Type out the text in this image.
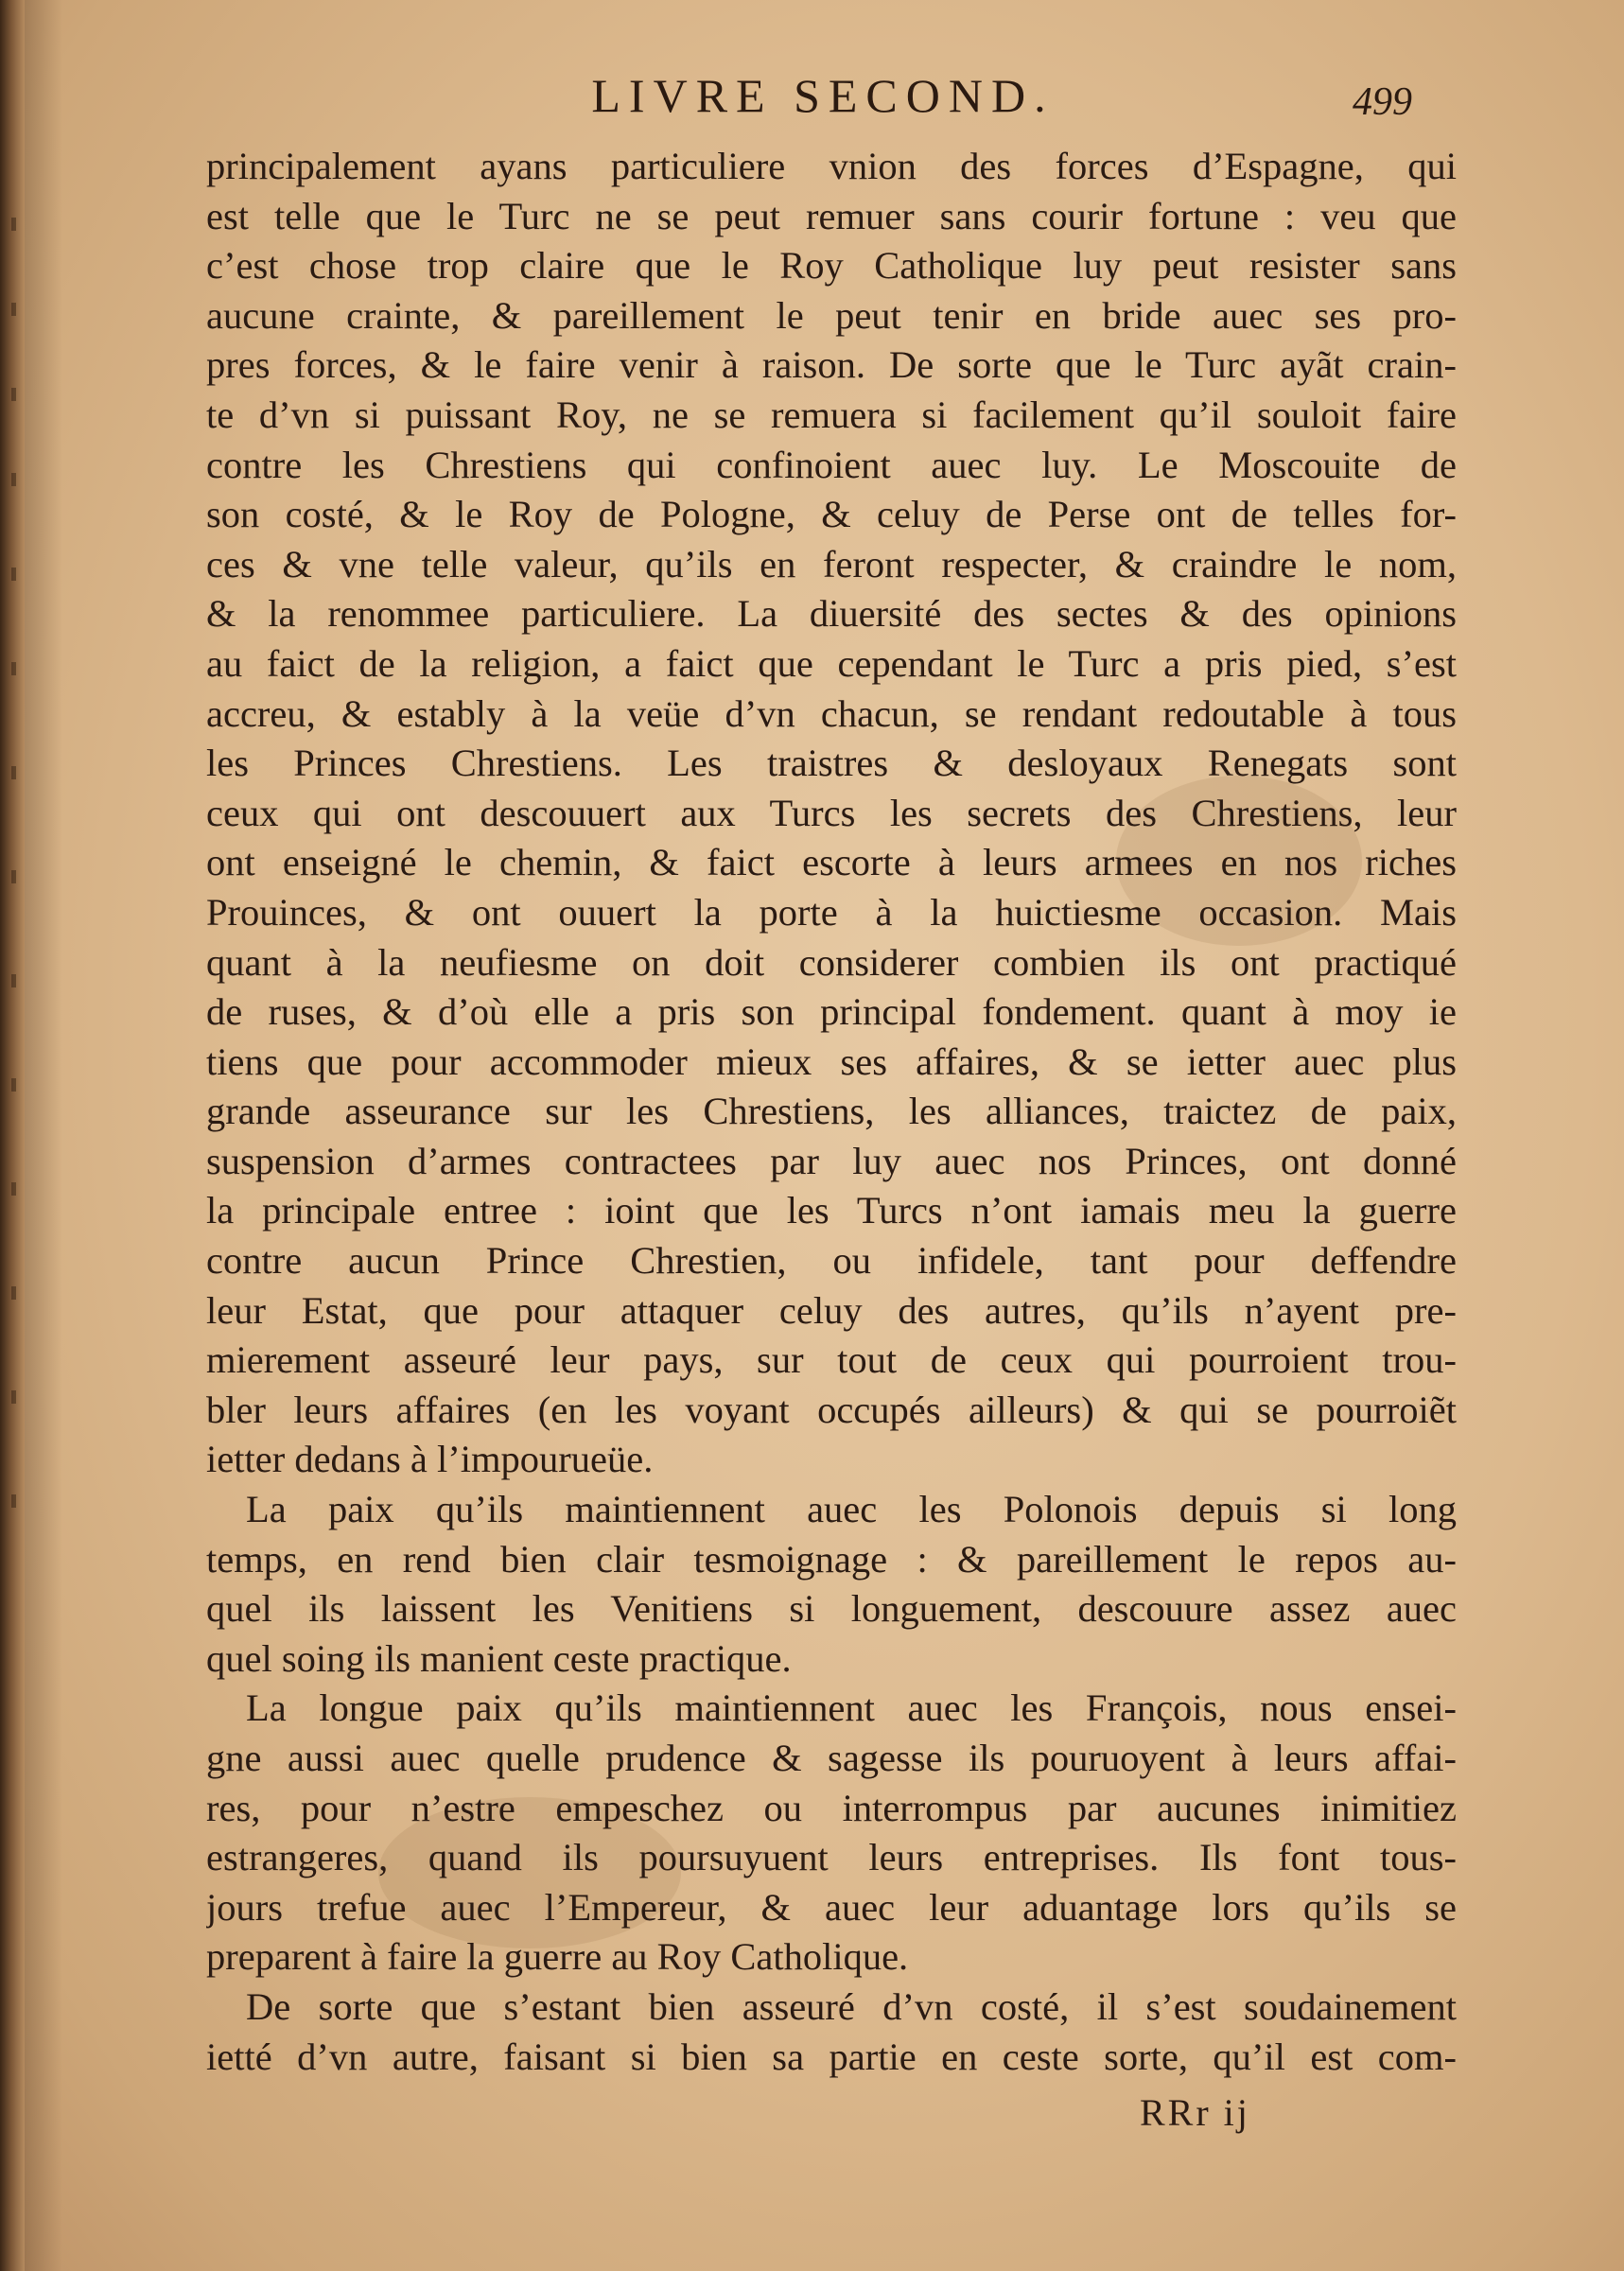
LIVRE SECOND.	499
principalement ayans particuliere vnion des forces d’Espagne, qui
est telle que le Turc ne se peut remuer sans courir fortune : veu que
c’est chose trop claire que le Roy Catholique luy peut resister sans
aucune crainte, & pareillement le peut tenir en bride auec ses pro-
pres forces, & le faire venir à raison. De sorte que le Turc ayãt crain-
te d’vn si puissant Roy, ne se remuera si facilement qu’il souloit faire
contre les Chrestiens qui confinoient auec luy. Le Moscouite de
son costé, & le Roy de Pologne, & celuy de Perse ont de telles for-
ces & vne telle valeur, qu’ils en feront respecter, & craindre le nom,
& la renommee particuliere. La diuersité des sectes & des opinions
au faict de la religion, a faict que cependant le Turc a pris pied, s’est
accreu, & estably à la veüe d’vn chacun, se rendant redoutable à tous
les Princes Chrestiens. Les traistres & desloyaux Renegats sont
ceux qui ont descouuert aux Turcs les secrets des Chrestiens, leur
ont enseigné le chemin, & faict escorte à leurs armees en nos riches
Prouinces, & ont ouuert la porte à la huictiesme occasion. Mais
quant à la neufiesme on doit considerer combien ils ont practiqué
de ruses, & d’où elle a pris son principal fondement. quant à moy ie
tiens que pour accommoder mieux ses affaires, & se ietter auec plus
grande asseurance sur les Chrestiens, les alliances, traictez de paix,
suspension d’armes contractees par luy auec nos Princes, ont donné
la principale entree : ioint que les Turcs n’ont iamais meu la guerre
contre aucun Prince Chrestien, ou infidele, tant pour deffendre
leur Estat, que pour attaquer celuy des autres, qu’ils n’ayent pre-
mierement asseuré leur pays, sur tout de ceux qui pourroient trou-
bler leurs affaires (en les voyant occupés ailleurs) & qui se pourroiẽt
ietter dedans à l’impourueüe.
La paix qu’ils maintiennent auec les Polonois depuis si long
temps, en rend bien clair tesmoignage : & pareillement le repos au-
quel ils laissent les Venitiens si longuement, descouure assez auec
quel soing ils manient ceste practique.
La longue paix qu’ils maintiennent auec les François, nous ensei-
gne aussi auec quelle prudence & sagesse ils pouruoyent à leurs affai-
res, pour n’estre empeschez ou interrompus par aucunes inimitiez
estrangeres, quand ils poursuyuent leurs entreprises. Ils font tous-
jours trefue auec l’Empereur, & auec leur aduantage lors qu’ils se
preparent à faire la guerre au Roy Catholique.
De sorte que s’estant bien asseuré d’vn costé, il s’est soudainement
ietté d’vn autre, faisant si bien sa partie en ceste sorte, qu’il est com-
RRr ij
